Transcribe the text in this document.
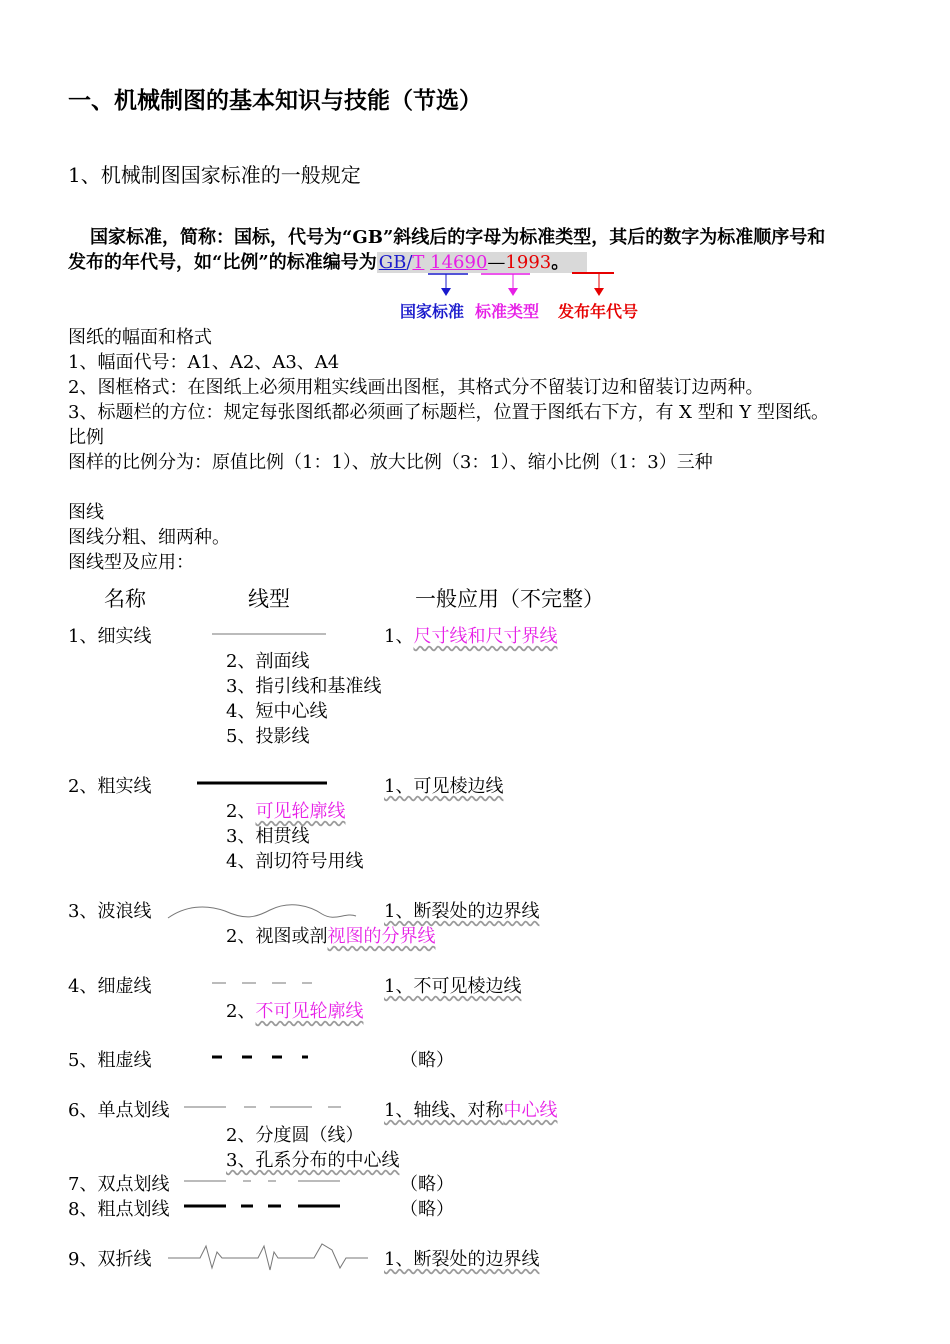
一、机械制图的基本知识与技能（节选）
1、机械制图国家标准的一般规定
国家标准，简称：国标，代号为“GB”斜线后的字母为标准类型，其后的数字为标准顺序号和
发布的年代号，如“比例”的标准编号为 GB/T 14690—1993。
国家标准 标准类型 发布年代号
图纸的幅面和格式
1、幅面代号：A1、A2、A3、A4
2、图框格式：在图纸上必须用粗实线画出图框，其格式分不留装订边和留装订边两种。
3、标题栏的方位：规定每张图纸都必须画了标题栏，位置于图纸右下方，有 X 型和 Y 型图纸。
比例
图样的比例分为：原值比例（1：1）、放大比例（3：1）、缩小比例（1：3）三种
图线
图线分粗、细两种。
图线型及应用：
名称	线型	一般应用（不完整）
1、细实线	1、尺寸线和尺寸界线
2、剖面线
3、指引线和基准线
4、短中心线
5、投影线
2、粗实线	1、可见棱边线
2、可见轮廓线
3、相贯线
4、剖切符号用线
3、波浪线	1、断裂处的边界线
2、视图或剖视图的分界线
4、细虚线	1、不可见棱边线
2、不可见轮廓线
5、粗虚线	（略）
6、单点划线	1、轴线、对称中心线
2、分度圆（线）
3、孔系分布的中心线
7、双点划线	（略）
8、粗点划线	（略）
9、双折线	1、断裂处的边界线
